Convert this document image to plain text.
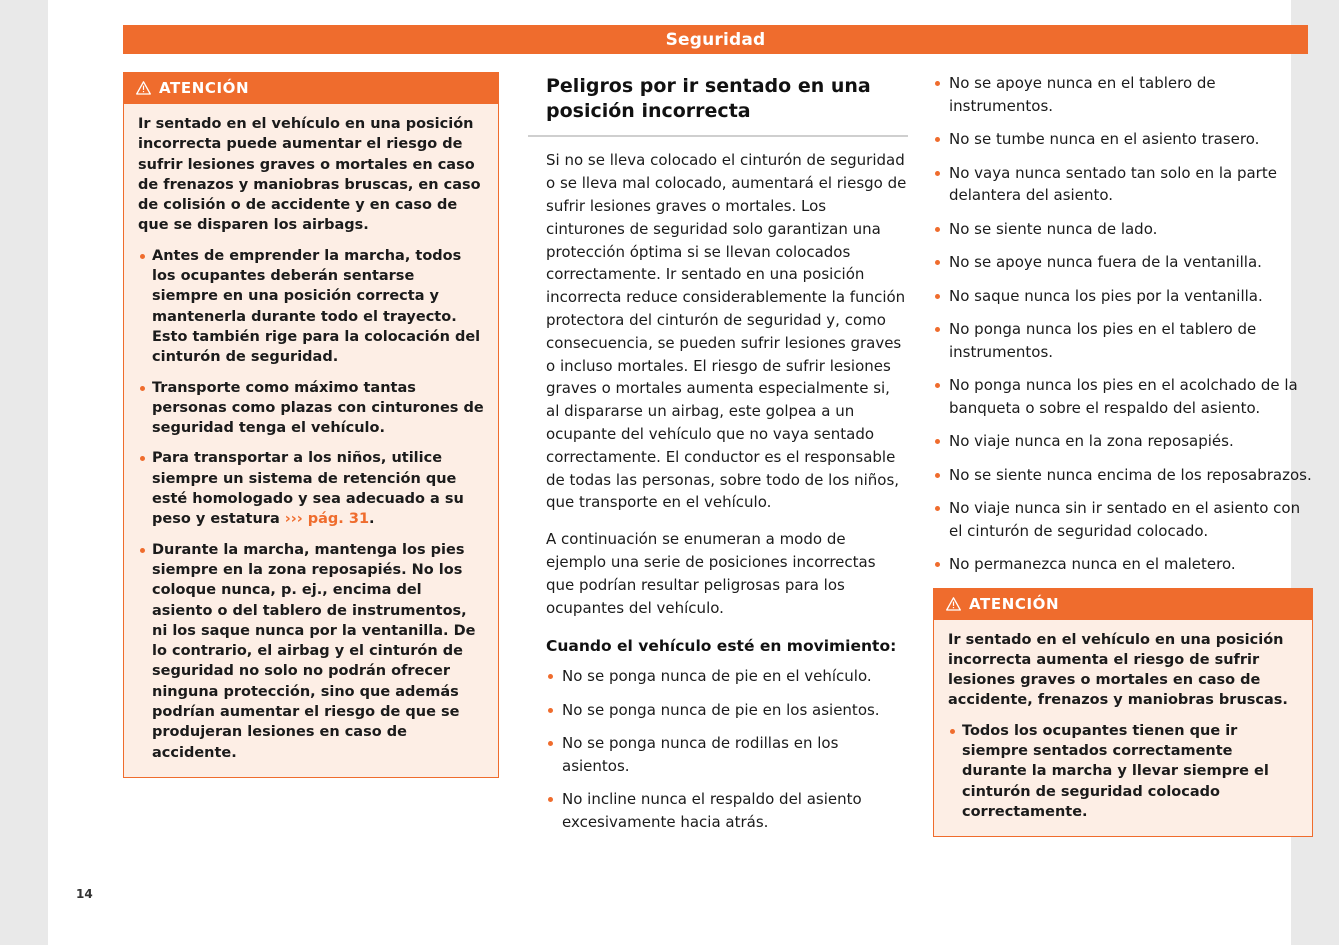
Seguridad
14
ATENCIÓN

Ir sentado en el vehículo en una posición incorrecta puede aumentar el riesgo de sufrir lesiones graves o mortales en caso de frenazos y maniobras bruscas, en caso de colisión o de accidente y en caso de que se disparen los airbags.

Antes de emprender la marcha, todos los ocupantes deberán sentarse siempre en una posición correcta y mantenerla durante todo el trayecto. Esto también rige para la colocación del cinturón de seguridad.

Transporte como máximo tantas personas como plazas con cinturones de seguridad tenga el vehículo.

Para transportar a los niños, utilice siempre un sistema de retención que esté homologado y sea adecuado a su peso y estatura ››› pág. 31.

Durante la marcha, mantenga los pies siempre en la zona reposapiés. No los coloque nunca, p. ej., encima del asiento o del tablero de instrumentos, ni los saque nunca por la ventanilla. De lo contrario, el airbag y el cinturón de seguridad no solo no podrán ofrecer ninguna protección, sino que además podrían aumentar el riesgo de que se produjeran lesiones en caso de accidente.

Peligros por ir sentado en una posición incorrecta

Si no se lleva colocado el cinturón de seguridad o se lleva mal colocado, aumentará el riesgo de sufrir lesiones graves o mortales. Los cinturones de seguridad solo garantizan una protección óptima si se llevan colocados correctamente. Ir sentado en una posición incorrecta reduce considerablemente la función protectora del cinturón de seguridad y, como consecuencia, se pueden sufrir lesiones graves o incluso mortales. El riesgo de sufrir lesiones graves o mortales aumenta especialmente si, al dispararse un airbag, este golpea a un ocupante del vehículo que no vaya sentado correctamente. El conductor es el responsable de todas las personas, sobre todo de los niños, que transporte en el vehículo.

A continuación se enumeran a modo de ejemplo una serie de posiciones incorrectas que podrían resultar peligrosas para los ocupantes del vehículo.

Cuando el vehículo esté en movimiento:
No se ponga nunca de pie en el vehículo.
No se ponga nunca de pie en los asientos.
No se ponga nunca de rodillas en los asientos.
No incline nunca el respaldo del asiento excesivamente hacia atrás.
No se apoye nunca en el tablero de instrumentos.
No se tumbe nunca en el asiento trasero.
No vaya nunca sentado tan solo en la parte delantera del asiento.
No se siente nunca de lado.
No se apoye nunca fuera de la ventanilla.
No saque nunca los pies por la ventanilla.
No ponga nunca los pies en el tablero de instrumentos.
No ponga nunca los pies en el acolchado de la banqueta o sobre el respaldo del asiento.
No viaje nunca en la zona reposapiés.
No se siente nunca encima de los reposabrazos.
No viaje nunca sin ir sentado en el asiento con el cinturón de seguridad colocado.
No permanezca nunca en el maletero.
ATENCIÓN

Ir sentado en el vehículo en una posición incorrecta aumenta el riesgo de sufrir lesiones graves o mortales en caso de accidente, frenazos y maniobras bruscas.

Todos los ocupantes tienen que ir siempre sentados correctamente durante la marcha y llevar siempre el cinturón de seguridad colocado correctamente.
